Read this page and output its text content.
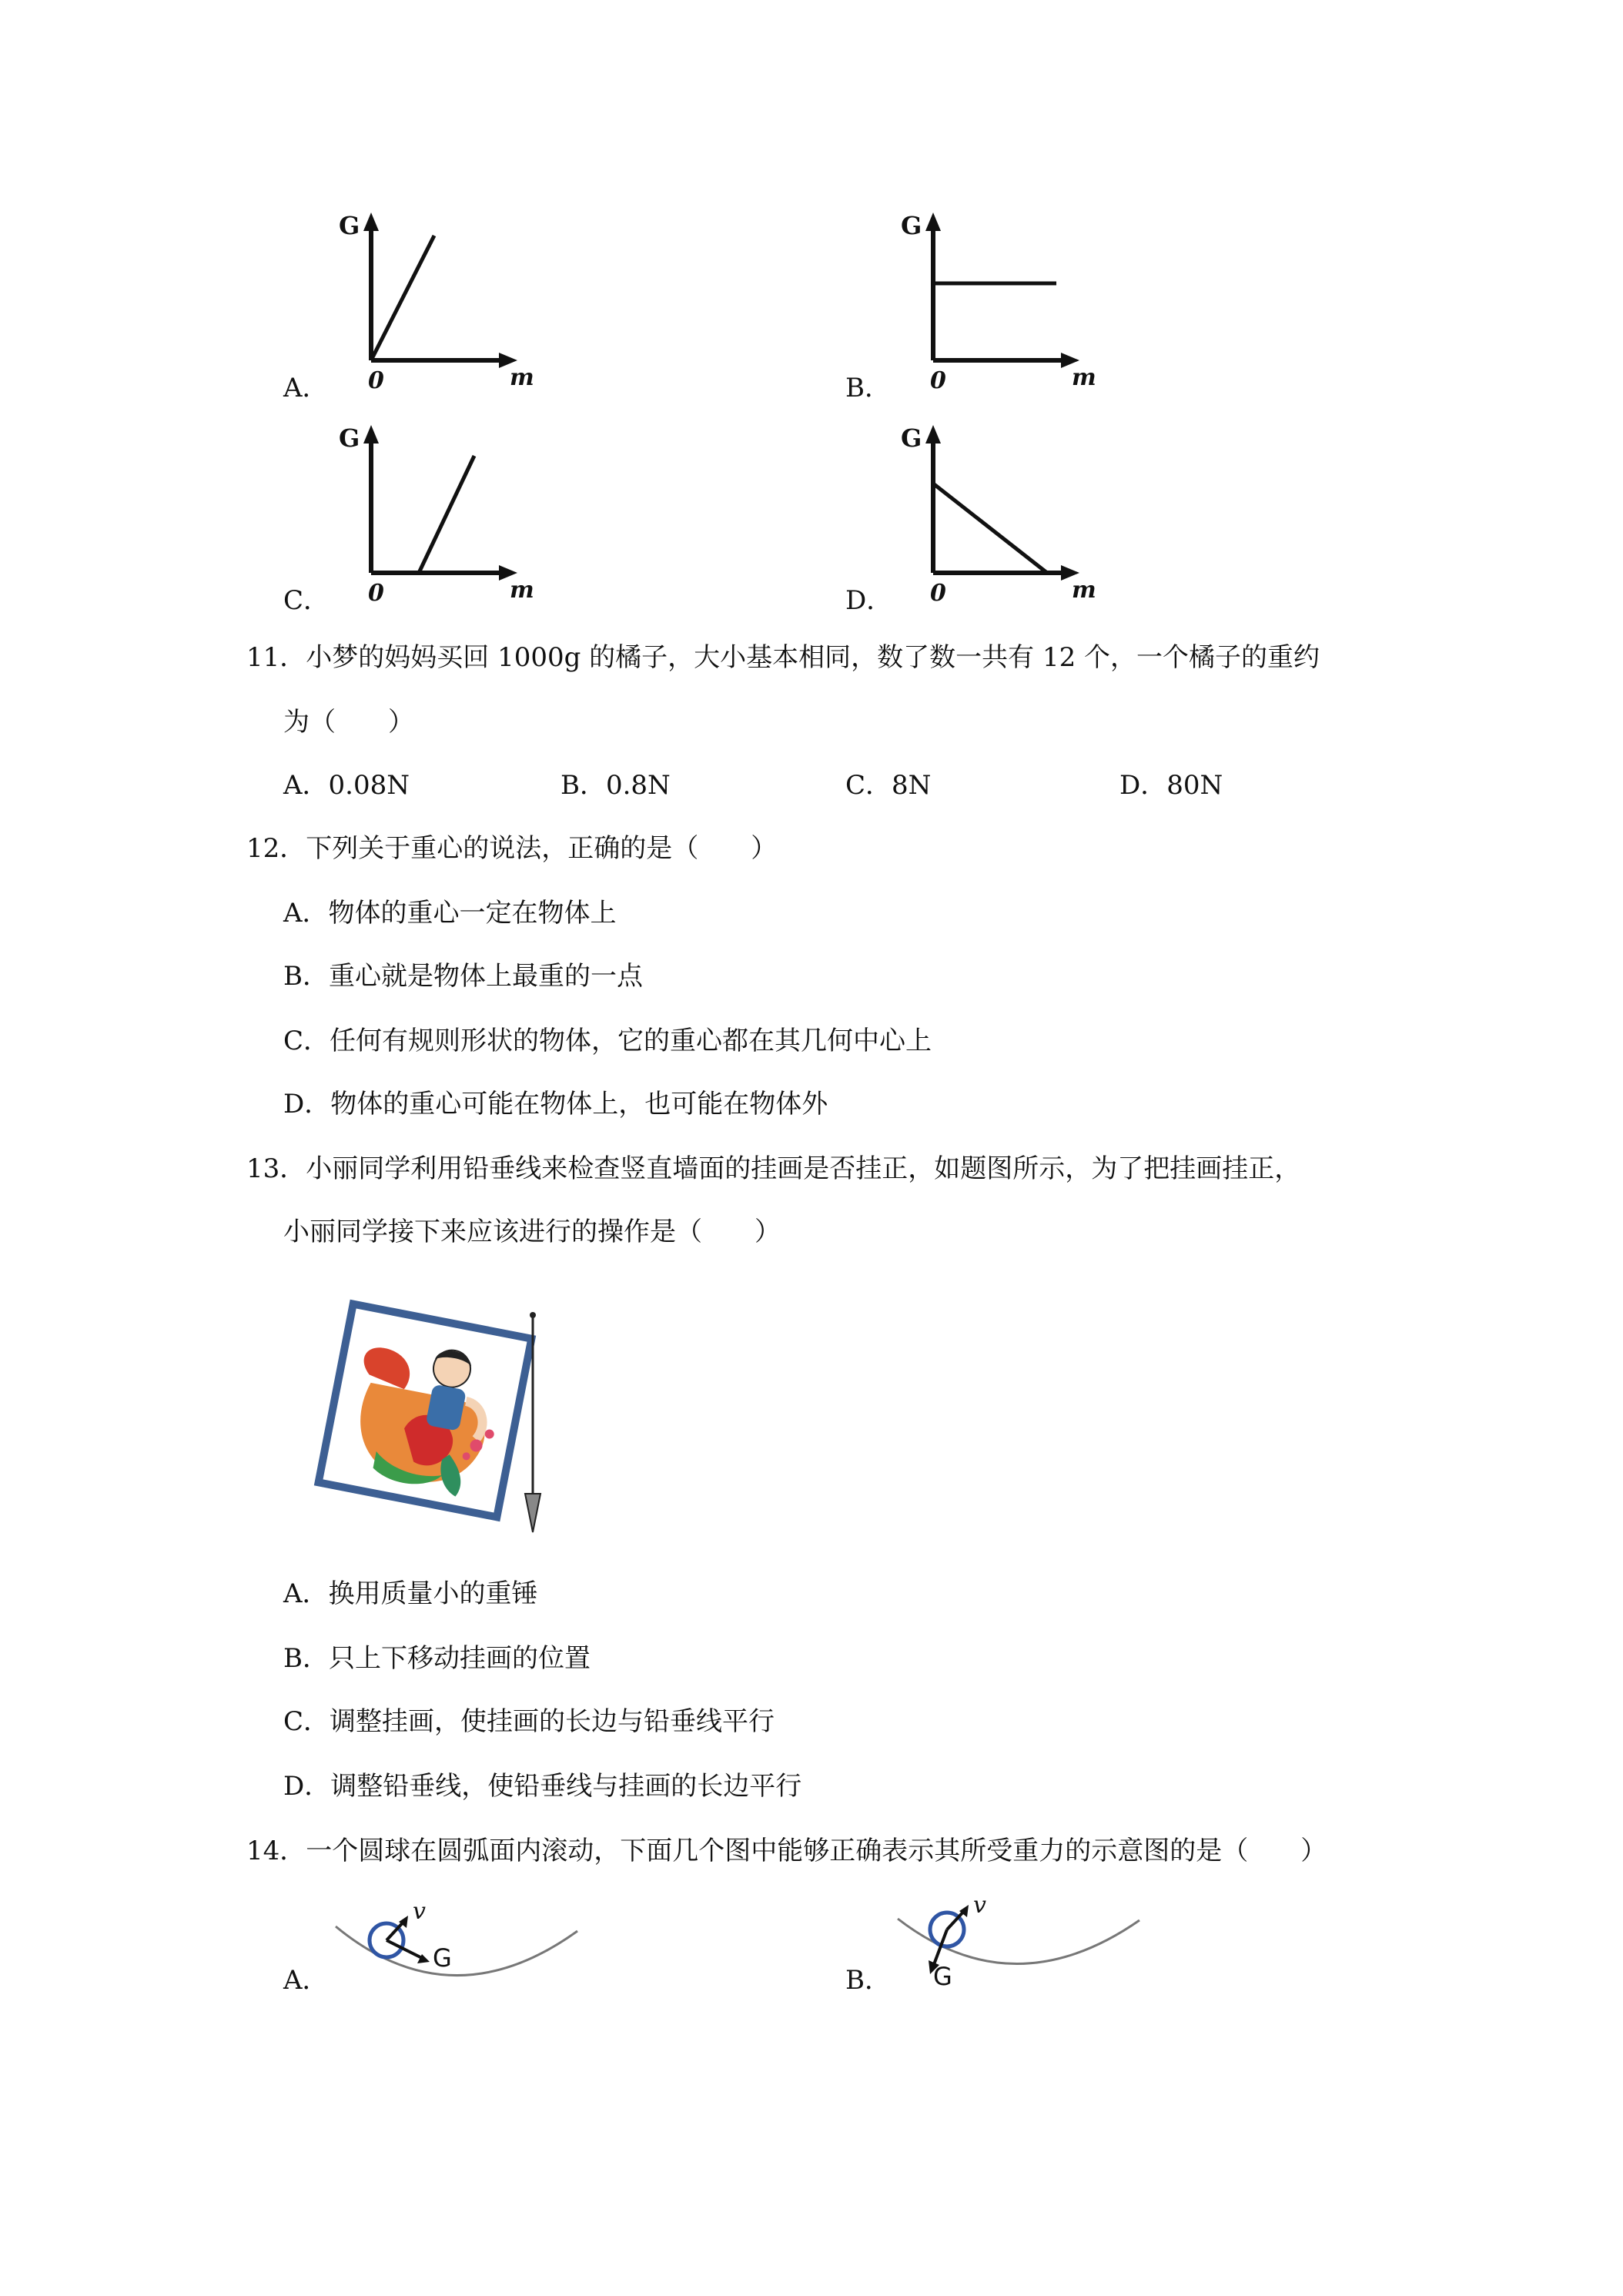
A．
G
m
0	B．
G
m
0
C．
G
m
0	D．
G
m
0
11．小梦的妈妈买回 1000g 的橘子，大小基本相同，数了数一共有 12 个，一个橘子的重约
为（　　）
A．0.08N	B．0.8N	C．8N	D．80N
12．下列关于重心的说法，正确的是（　　）
A．物体的重心一定在物体上
B．重心就是物体上最重的一点
C．任何有规则形状的物体，它的重心都在其几何中心上
D．物体的重心可能在物体上，也可能在物体外
13．小丽同学利用铅垂线来检查竖直墙面的挂画是否挂正，如题图所示，为了把挂画挂正，
小丽同学接下来应该进行的操作是（　　）
A．换用质量小的重锤
B．只上下移动挂画的位置
C．调整挂画，使挂画的长边与铅垂线平行
D．调整铅垂线，使铅垂线与挂画的长边平行
14．一个圆球在圆弧面内滚动，下面几个图中能够正确表示其所受重力的示意图的是（　　）
A．
v
G
B．
v
G
